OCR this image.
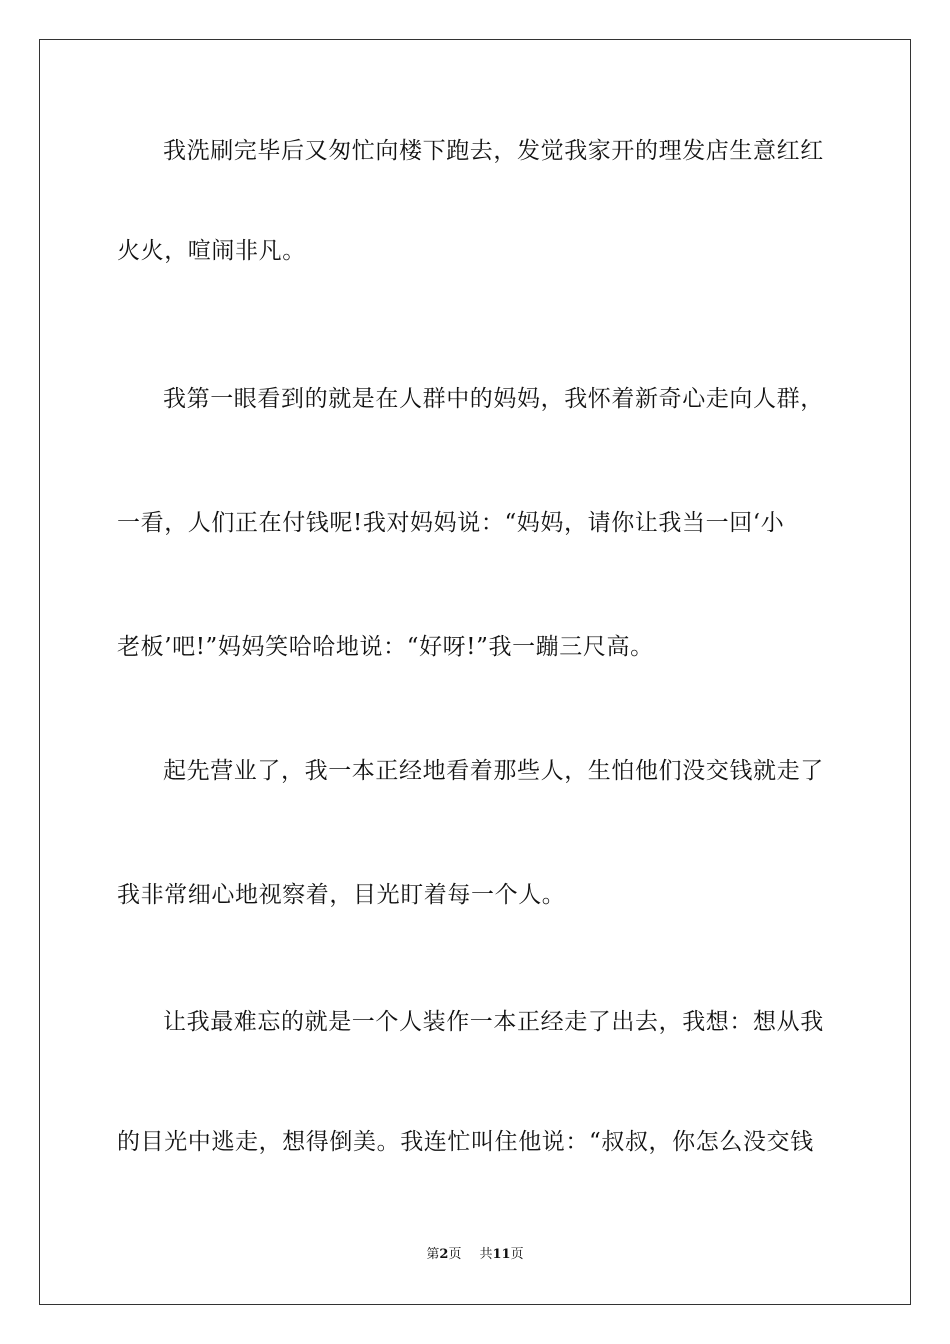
我洗刷完毕后又匆忙向楼下跑去，发觉我家开的理发店生意红红
火火，喧闹非凡。
我第一眼看到的就是在人群中的妈妈，我怀着新奇心走向人群，
一看，人们正在付钱呢!我对妈妈说：“妈妈，请你让我当一回‘小
老板’吧!”妈妈笑哈哈地说：“好呀!”我一蹦三尺高。
起先营业了，我一本正经地看着那些人，生怕他们没交钱就走了
我非常细心地视察着，目光盯着每一个人。
让我最难忘的就是一个人装作一本正经走了出去，我想：想从我
的目光中逃走，想得倒美。我连忙叫住他说：“叔叔，你怎么没交钱
第2页 共11页
